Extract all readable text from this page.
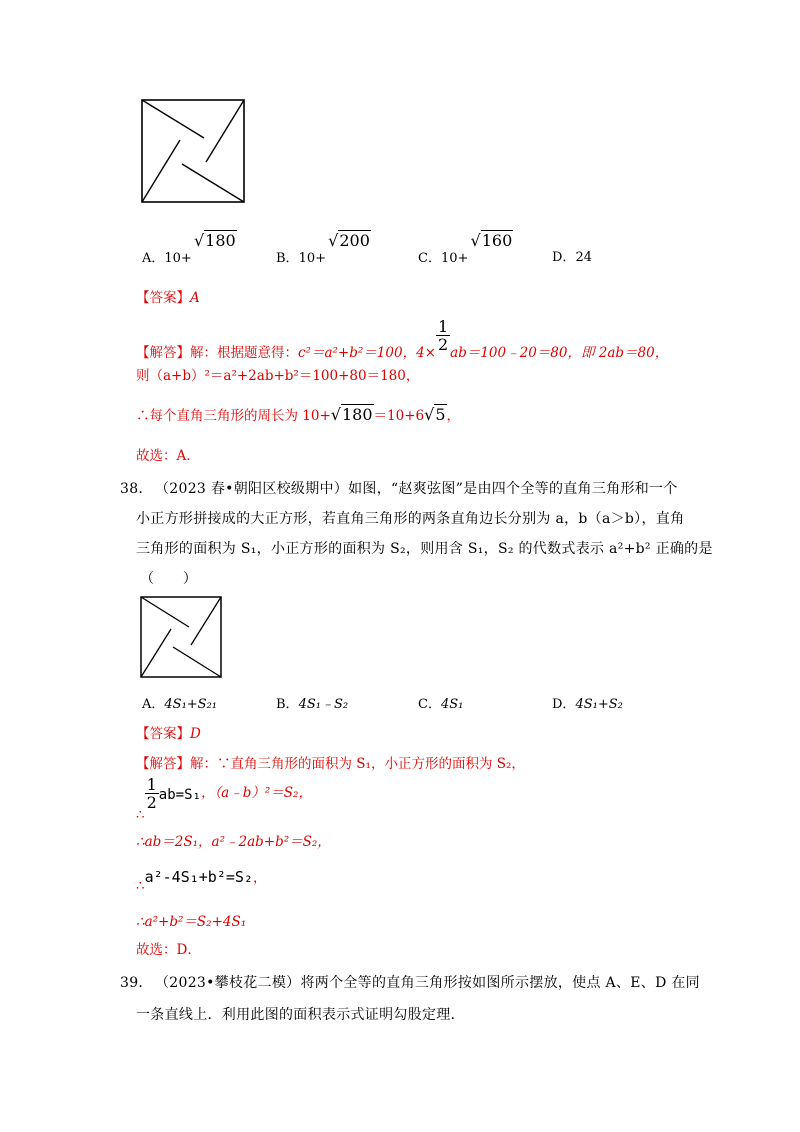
A．10+ √180
B．10+ √200
C．10+ √160
D．24
【答案】A
【解答】解：根据题意得：c²＝a²+b²＝100，$4\times \frac{1}{2}$ ab＝100﹣20＝80，即 2ab＝80，
则（a+b）²＝a²+2ab+b²＝100+80＝180，
∴每个直角三角形的周长为 10+√180＝10+6√5，
故选：A．
38． （2023 春•朝阳区校级期中）如图，“赵爽弦图”是由四个全等的直角三角形和一个
小正方形拼接成的大正方形，若直角三角形的两条直角边长分别为 a，b（a＞b），直角
三角形的面积为 S₁，小正方形的面积为 S₂，则用含 S₁，S₂ 的代数式表示 a²+b² 正确的是
（　　）
A．4S₁+S₂₁	B．4S₁﹣S₂	C．4S₁	D．4S₁+S₂
【答案】D
【解答】解：∵直角三角形的面积为 S₁，小正方形的面积为 S₂，
∴
$\frac{1}{2} ab=S_1$，（a﹣b）²＝S₂，
∴ab＝2S₁，a²﹣2ab+b²＝S₂，
∴a²-4S₁+b²=S₂，
∴a²+b²＝S₂+4S₁
故选：D．
39． （2023•攀枝花二模）将两个全等的直角三角形按如图所示摆放，使点 A、E、D 在同
一条直线上．利用此图的面积表示式证明勾股定理．
